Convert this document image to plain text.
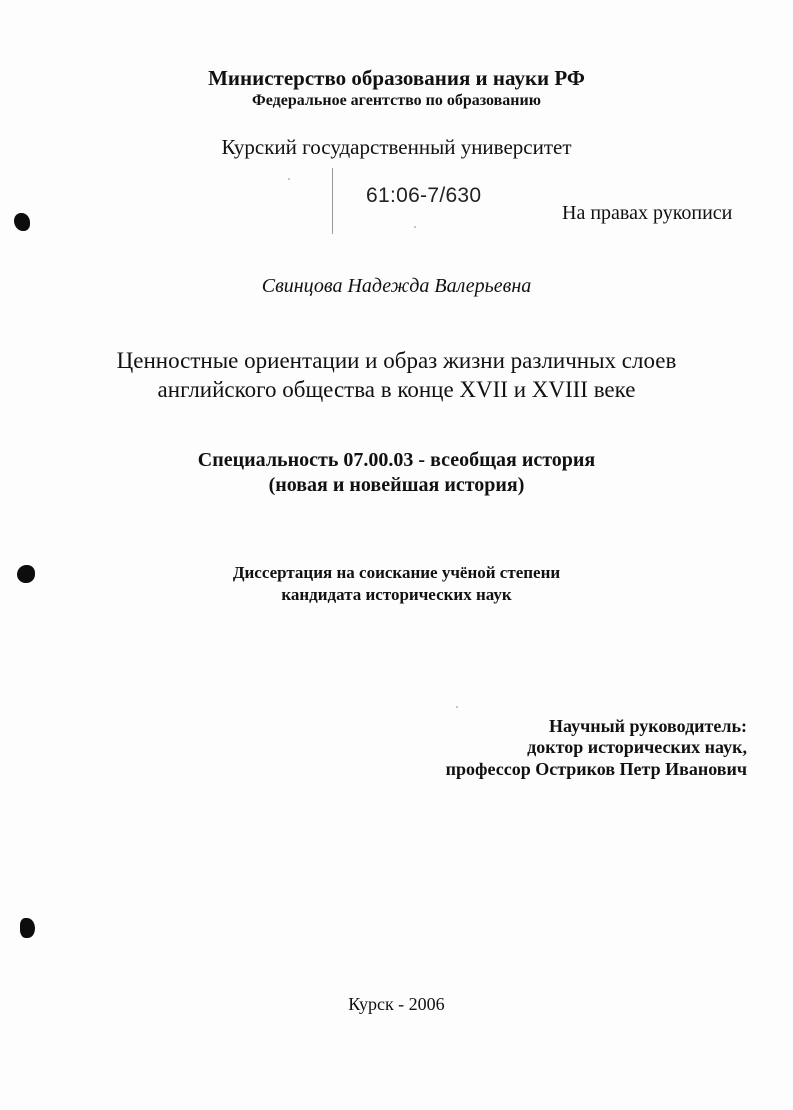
Министерство образования и науки РФ
Федеральное агентство по образованию
Курский государственный университет
61:06-7/630
На правах рукописи
Свинцова Надежда Валерьевна
Ценностные ориентации и образ жизни различных слоев
английского общества в конце XVII и XVIII веке
Специальность 07.00.03 - всеобщая история
(новая и новейшая история)
Диссертация на соискание учёной степени
кандидата исторических наук
Научный руководитель:
доктор исторических наук,
профессор Остриков Петр Иванович
Курск - 2006
